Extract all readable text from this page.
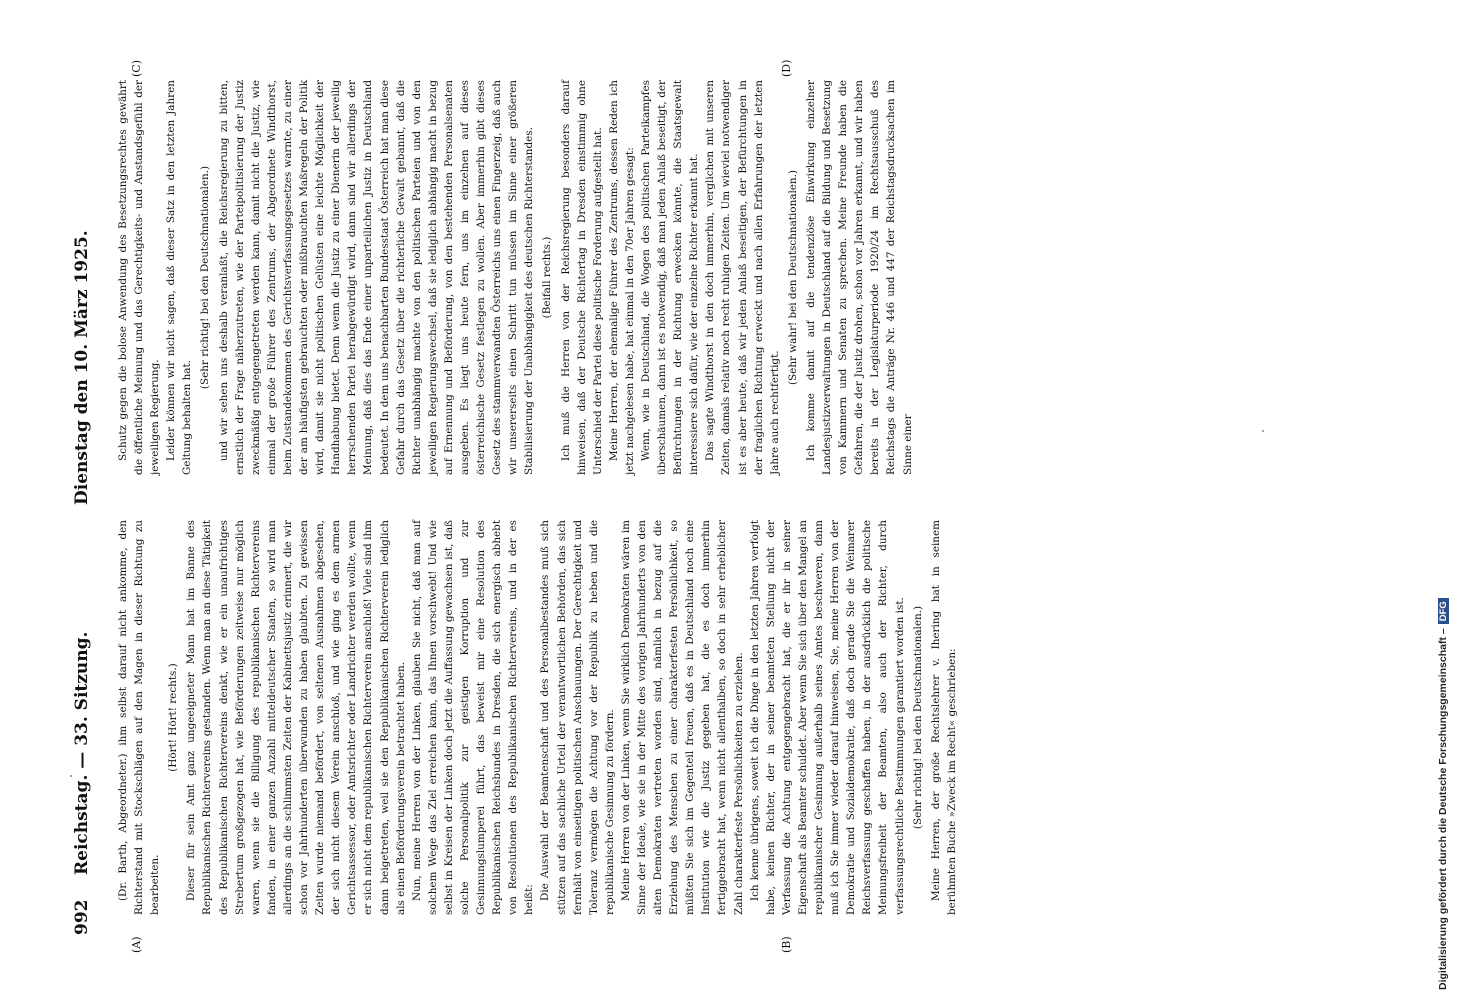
992
Reichstag. — 33. Sitzung.
Dienstag den 10. März 1925.

(Dr. Barth, Abgeordneter.) ihm selbst darauf nicht ankomme, den Richterstand mit Stockschlägen auf den Magen in dieser Richtung zu bearbeiten.

(Hört! Hört! rechts.) Dieser für sein Amt ganz ungeeigneter Mann hat im Banne des Republikanischen Richtervereins gestanden. Wenn man an diese Tätigkeit des Republikanischen Richtervereins denkt, wie er ein unaufrichtiges Strebertum großgezogen hat, wie Beförderungen zeitweise nur möglich waren, wenn sie die Billigung des republikanischen Richtervereins fanden, in einer ganzen Anzahl mitteldeutscher Staaten, so wird man allerdings an die schlimmsten Zeiten der Kabinettsjustiz erinnert, die wir schon vor Jahrhunderten überwunden zu haben glaubten. Zu gewissen Zeiten wurde niemand befördert, von seltenen Ausnahmen abgesehen, der sich nicht diesem Verein anschloß, und wie ging es dem armen Gerichtsassessor, oder Amtsrichter oder Landrichter werden wollte, wenn er sich nicht dem republikanischen Richterverein anschloß! Viele sind ihm dann beigetreten, weil sie den Republikanischen Richterverein lediglich als einen Beförderungsverein betrachtet haben. Nun, meine Herren von der Linken, glauben Sie nicht, daß man auf solchem Wege das Ziel erreichen kann, das Ihnen vorschwebt! Und wie selbst in Kreisen der Linken doch jetzt die Auffassung gewachsen ist, daß solche Personalpolitik zur geistigen Korruption und zur Gesinnungslumperei führt, das beweist mir eine Resolution des Republikanischen Reichsbundes in Dresden, die sich energisch abhebt von Resolutionen des Republikanischen Richtervereins, und in der es heißt: Die Auswahl der Beamtenschaft und des Personalbestandes muß sich stützen auf das sachliche Urteil der verantwortlichen Behörden, das sich fernhält von einseitigen politischen Anschauungen. Der Gerechtigkeit und Toleranz vermögen die Achtung vor der Republik zu heben und die republikanische Gesinnung zu fördern. Meine Herren von der Linken, wenn Sie wirklich Demokraten wären im Sinne der Ideale, wie sie in der Mitte des vorigen Jahrhunderts von den alten Demokraten vertreten worden sind, nämlich in bezug auf die Erziehung des Menschen zu einer charakterfesten Persönlichkeit, so müßten Sie sich im Gegenteil freuen, daß es in Deutschland noch eine Institution wie die Justiz gegeben hat, die es doch immerhin fertiggebracht hat, wenn nicht allenthalben, so doch in sehr erheblicher Zahl charakterfeste Persönlichkeiten zu erziehen. Ich kenne übrigens, soweit ich die Dinge in den letzten Jahren verfolgt habe, keinen Richter, der in seiner beamteten Stellung nicht der Verfassung die Achtung entgegengebracht hat, die er ihr in seiner Eigenschaft als Beamter schuldet. Aber wenn Sie sich über den Mangel an republikanischer Gesinnung außerhalb seines Amtes beschweren, dann muß ich Sie immer wieder darauf hinweisen, Sie, meine Herren von der Demokratie und Sozialdemokratie, daß doch gerade Sie die Weimarer Reichsverfassung geschaffen haben, in der ausdrücklich die politische Meinungsfreiheit der Beamten, also auch der Richter, durch verfassungsrechtliche Bestimmungen garantiert worden ist. (Sehr richtig! bei den Deutschnationalen.) Meine Herren, der große Rechtslehrer v. Ihering hat in seinem berühmten Buche »Zweck im Recht« geschrieben:

Schutz gegen die bolose Anwendung des Besetzungsrechtes gewährt die öffentliche Meinung und das Gerechtigkeits- und Anstandsgefühl der jeweiligen Regierung. Leider können wir nicht sagen, daß dieser Satz in den letzten Jahren Geltung behalten hat.

(Sehr richtig! bei den Deutschnationalen.) und wir sehen uns deshalb veranlaßt, die Reichsregierung zu bitten, ernstlich der Frage näherzutreten, wie der Parteipolitisierung der Justiz zweckmäßig entgegengetreten werden kann, damit nicht die Justiz, wie einmal der große Führer des Zentrums, der Abgeordnete Windthorst, beim Zustandekommen des Gerichtsverfassungsgesetzes warnte, zu einer der am häufigsten gebrauchten oder mißbrauchten Maßregeln der Politik wird, damit sie nicht politischen Gelüsten eine leichte Möglichkeit der Handhabung bietet. Denn wenn die Justiz zu einer Dienerin der jeweilig herrschenden Partei herabgewürdigt wird, dann sind wir allerdings der Meinung, daß dies das Ende einer unparteilichen Justiz in Deutschland bedeutet. In dem uns benachbarten Bundesstaat Österreich hat man diese Gefahr durch das Gesetz über die richterliche Gewalt gebannt, daß die Richter unabhängig machte von den politischen Parteien und von den jeweiligen Regierungswechsel, daß sie lediglich abhängig macht in bezug auf Ernennung und Beförderung, von den bestehenden Personalsenaten ausgeben. Es liegt uns heute fern, uns im einzelnen auf dieses österreichische Gesetz festlegen zu wollen. Aber immerhin gibt dieses Gesetz des stammverwandten Österreichs uns einen Fingerzeig, daß auch wir unsererseits einen Schritt tun müssen im Sinne einer größeren Stabilisierung der Unabhängigkeit des deutschen Richterstandes. (Beifall rechts.) Ich muß die Herren von der Reichsregierung besonders darauf hinweisen, daß der Deutsche Richtertag in Dresden einstimmig ohne Unterschied der Partei diese politische Forderung aufgestellt hat. Meine Herren, der ehemalige Führer des Zentrums, dessen Reden ich jetzt nachgelesen habe, hat einmal in den 70er Jahren gesagt: Wenn, wie in Deutschland, die Wogen des politischen Parteikampfes überschäumen, dann ist es notwendig, daß man jeden Anlaß beseitigt, der Befürchtungen in der Richtung erwecken könnte, die Staatsgewalt interessiere sich dafür, wie der einzelne Richter erkannt hat. Das sagte Windthorst in den doch immerhin, verglichen mit unseren Zeiten, damals relativ noch recht ruhigen Zeiten. Um wieviel notwendiger ist es aber heute, daß wir jeden Anlaß beseitigen, der Befürchtungen in der fraglichen Richtung erweckt und nach allen Erfahrungen der letzten Jahre auch rechtfertigt.

(Sehr wahr! bei den Deutschnationalen.) Ich komme damit auf die tendenziöse Einwirkung einzelner Landesjustizverwaltungen in Deutschland auf die Bildung und Besetzung von Kammern und Senaten zu sprechen. Meine Freunde haben die Gefahren, die der Justiz drohen, schon vor Jahren erkannt, und wir haben bereits in der Legislaturperiode 1920/24 im Rechtsausschuß des Reichstags die Anträge Nr. 446 und 447 der Reichstagsdrucksachen im Sinne einer

(A)	(B)
(C)	(D)
Digitalisierung gefördert durch die Deutsche Forschungsgemeinschaft –DFG
